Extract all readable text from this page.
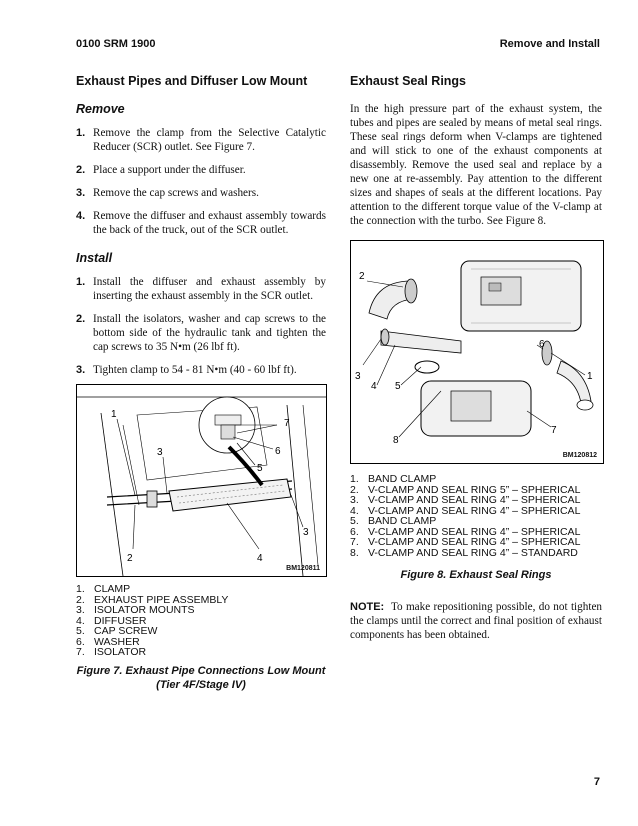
0100 SRM 1900	Remove and Install
Exhaust Pipes and Diffuser Low Mount
Remove
1. Remove the clamp from the Selective Catalytic Reducer (SCR) outlet. See Figure 7.
2. Place a support under the diffuser.
3. Remove the cap screws and washers.
4. Remove the diffuser and exhaust assembly towards the back of the truck, out of the SCR outlet.
Install
1. Install the diffuser and exhaust assembly by inserting the exhaust assembly in the SCR outlet.
2. Install the isolators, washer and cap screws to the bottom side of the hydraulic tank and tighten the cap screws to 35 N•m (26 lbf ft).
3. Tighten clamp to 54 - 81 N•m (40 - 60 lbf ft).
1
7
6
3
5
3
2	4
BM120811
1. CLAMP
2. EXHAUST PIPE ASSEMBLY
3. ISOLATOR MOUNTS
4. DIFFUSER
5. CAP SCREW
6. WASHER
7. ISOLATOR
Figure 7. Exhaust Pipe Connections Low Mount
(Tier 4F/Stage IV)
Exhaust Seal Rings

In the high pressure part of the exhaust system, the tubes and pipes are sealed by means of metal seal rings. These seal rings deform when V-clamps are tightened and will stick to one of the exhaust components at disassembly. Remove the used seal and replace by a new one at re-assembly. Pay attention to the different sizes and shapes of seals at the different locations. Pay attention to the different torque value of the V-clamp at the connection with the turbo. See Figure 8.

2
6
1
3
4 5
7
8
BM120812
1. BAND CLAMP
2. V-CLAMP AND SEAL RING 5” – SPHERICAL
3. V-CLAMP AND SEAL RING 4” – SPHERICAL
4. V-CLAMP AND SEAL RING 4” – SPHERICAL
5. BAND CLAMP
6. V-CLAMP AND SEAL RING 4” – SPHERICAL
7. V-CLAMP AND SEAL RING 4” – SPHERICAL
8. V-CLAMP AND SEAL RING 4” – STANDARD
Figure 8. Exhaust Seal Rings

NOTE: To make repositioning possible, do not tighten the clamps until the correct and final position of exhaust components has been obtained.

7
